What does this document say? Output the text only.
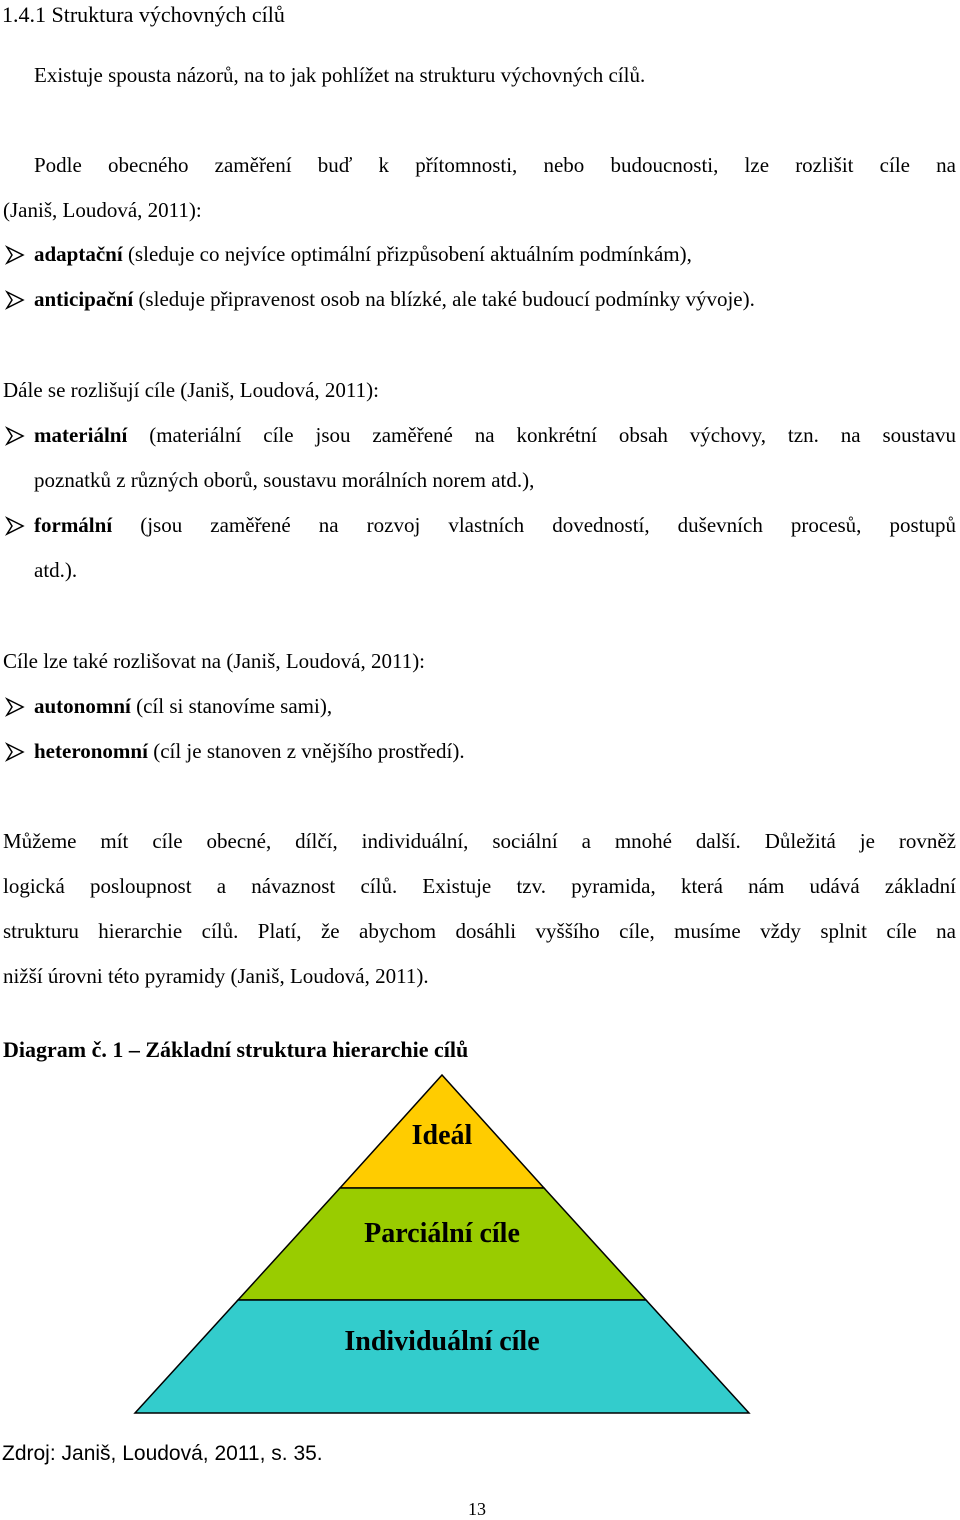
1.4.1 Struktura výchovných cílů
Existuje spousta názorů, na to jak pohlížet na strukturu výchovných cílů.
Podle obecného zaměření buď k přítomnosti, nebo budoucnosti, lze rozlišit cíle na
(Janiš, Loudová, 2011):
adaptační (sleduje co nejvíce optimální přizpůsobení aktuálním podmínkám),
anticipační (sleduje připravenost osob na blízké, ale také budoucí podmínky vývoje).
Dále se rozlišují cíle (Janiš, Loudová, 2011):
materiální (materiální cíle jsou zaměřené na konkrétní obsah výchovy, tzn. na soustavu
poznatků z různých oborů, soustavu morálních norem atd.),
formální (jsou zaměřené na rozvoj vlastních dovedností, duševních procesů, postupů
atd.).
Cíle lze také rozlišovat na (Janiš, Loudová, 2011):
autonomní (cíl si stanovíme sami),
heteronomní (cíl je stanoven z vnějšího prostředí).
Můžeme mít cíle obecné, dílčí, individuální, sociální a mnohé další. Důležitá je rovněž
logická posloupnost a návaznost cílů. Existuje tzv. pyramida, která nám udává základní
strukturu hierarchie cílů. Platí, že abychom dosáhli vyššího cíle, musíme vždy splnit cíle na
nižší úrovni této pyramidy (Janiš, Loudová, 2011).
Diagram č. 1 – Základní struktura hierarchie cílů
Ideál
Parciální cíle
Individuální cíle
Zdroj: Janiš, Loudová, 2011, s. 35.
13
